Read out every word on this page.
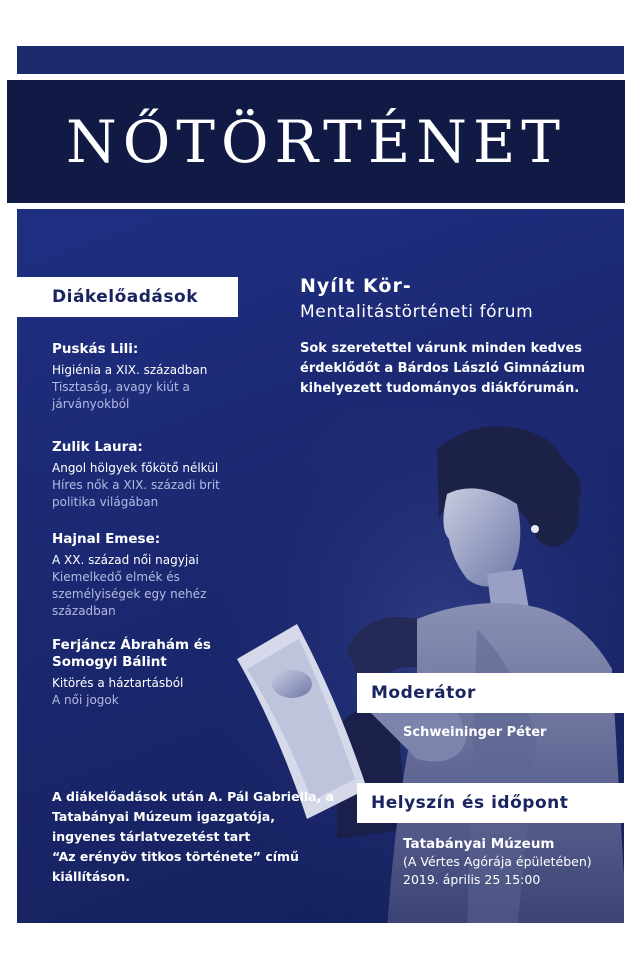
NŐTÖRTÉNET
Diákelőadások
Puskás Lili:
Higiénia a XIX. században
Tisztaság, avagy kiút a
járványokból
Zulik Laura:
Angol hölgyek főkötő nélkül
Híres nők a XIX. századi brit
politika világában
Hajnal Emese:
A XX. század női nagyjai
Kiemelkedő elmék és
személyiségek egy nehéz
században
Ferjáncz Ábrahám és
Somogyi Bálint
Kitörés a háztartásból
A női jogok
Nyílt Kör-
Mentalitástörténeti fórum
Sok szeretettel várunk minden kedves
érdeklődőt a Bárdos László Gimnázium
kihelyezett tudományos diákfórumán.
Moderátor
Schweininger Péter
Helyszín és időpont
Tatabányai Múzeum
(A Vértes Agórája épületében)
2019. április 25 15:00
A diákelőadások után A. Pál Gabriella, a
Tatabányai Múzeum igazgatója,
ingyenes tárlatvezetést tart
“Az erényöv titkos története” című
kiállításon.
